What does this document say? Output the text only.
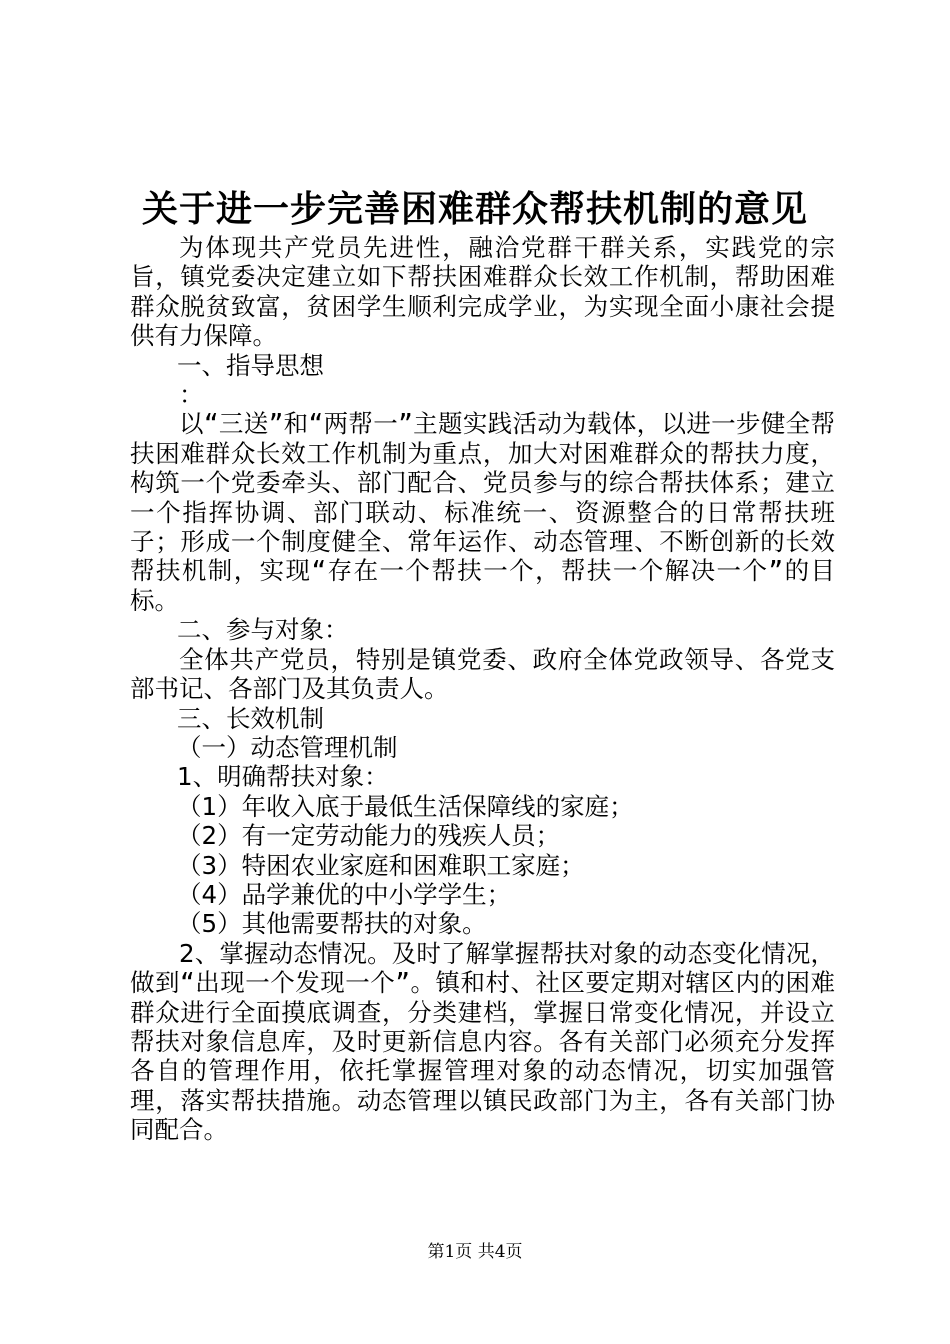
关于进一步完善困难群众帮扶机制的意见

为体现共产党员先进性，融洽党群干群关系，实践党的宗旨，镇党委决定建立如下帮扶困难群众长效工作机制，帮助困难群众脱贫致富，贫困学生顺利完成学业，为实现全面小康社会提供有力保障。

一、指导思想

：

以“三送”和“两帮一”主题实践活动为载体，以进一步健全帮扶困难群众长效工作机制为重点，加大对困难群众的帮扶力度，构筑一个党委牵头、部门配合、党员参与的综合帮扶体系；建立一个指挥协调、部门联动、标准统一、资源整合的日常帮扶班子；形成一个制度健全、常年运作、动态管理、不断创新的长效帮扶机制，实现“存在一个帮扶一个，帮扶一个解决一个”的目标。

二、参与对象：

全体共产党员，特别是镇党委、政府全体党政领导、各党支部书记、各部门及其负责人。

三、长效机制

（一）动态管理机制

1、明确帮扶对象：

（1）年收入底于最低生活保障线的家庭；

（2）有一定劳动能力的残疾人员；

（3）特困农业家庭和困难职工家庭；

（4）品学兼优的中小学学生；

（5）其他需要帮扶的对象。

2、掌握动态情况。及时了解掌握帮扶对象的动态变化情况，做到“出现一个发现一个”。镇和村、社区要定期对辖区内的困难群众进行全面摸底调查，分类建档，掌握日常变化情况，并设立帮扶对象信息库，及时更新信息内容。各有关部门必须充分发挥各自的管理作用，依托掌握管理对象的动态情况，切实加强管理，落实帮扶措施。动态管理以镇民政部门为主，各有关部门协同配合。

第1页 共4页
